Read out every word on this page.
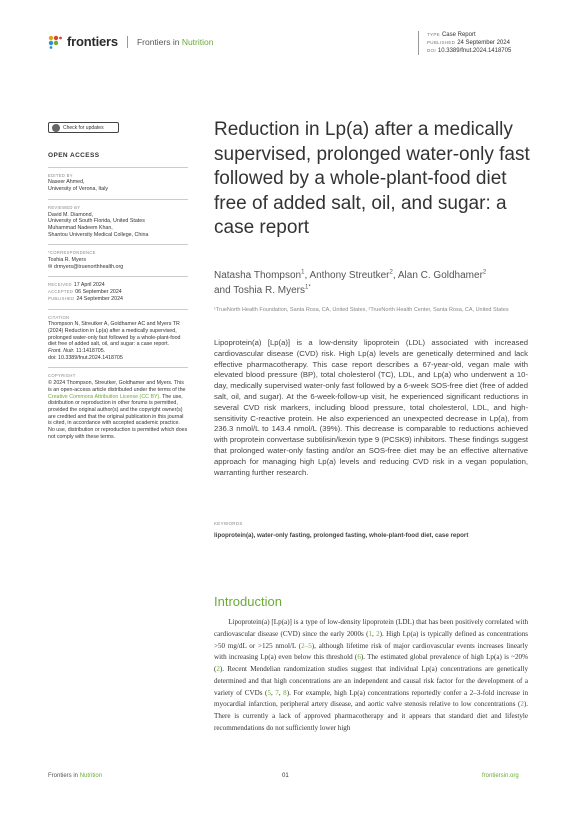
frontiers Frontiers in Nutrition
TYPE Case Report
PUBLISHED 24 September 2024
DOI 10.3389/fnut.2024.1418705
Check for updates
OPEN ACCESS
EDITED BY
Naseer Ahmed,
University of Verona, Italy
REVIEWED BY
David M. Diamond,
University of South Florida, United States
Muhammad Nadeem Khan,
Shantou University Medical College, China
*CORRESPONDENCE
Toshia R. Myers
✉ drmyers@truenorthhealth.org
RECEIVED 17 April 2024
ACCEPTED 06 September 2024
PUBLISHED 24 September 2024
CITATION
Thompson N, Streutker A, Goldhamer AC and Myers TR (2024) Reduction in Lp(a) after a medically supervised, prolonged water-only fast followed by a whole-plant-food diet free of added salt, oil, and sugar: a case report.
Front. Nutr. 11:1418705.
doi: 10.3389/fnut.2024.1418705
COPYRIGHT
© 2024 Thompson, Streutker, Goldhamer and Myers. This is an open-access article distributed under the terms of the Creative Commons Attribution License (CC BY). The use, distribution or reproduction in other forums is permitted, provided the original author(s) and the copyright owner(s) are credited and that the original publication in this journal is cited, in accordance with accepted academic practice. No use, distribution or reproduction is permitted which does not comply with these terms.
Reduction in Lp(a) after a medically supervised, prolonged water-only fast followed by a whole-plant-food diet free of added salt, oil, and sugar: a case report
Natasha Thompson$^1$, Anthony Streutker$^2$, Alan C. Goldhamer$^2$
and Toshia R. Myers$^{1*}$
¹TrueNorth Health Foundation, Santa Rosa, CA, United States, ²TrueNorth Health Center, Santa Rosa, CA, United States
Lipoprotein(a) [Lp(a)] is a low-density lipoprotein (LDL) associated with increased cardiovascular disease (CVD) risk. High Lp(a) levels are genetically determined and lack effective pharmacotherapy. This case report describes a 67-year-old, vegan male with elevated blood pressure (BP), total cholesterol (TC), LDL, and Lp(a) who underwent a 10-day, medically supervised water-only fast followed by a 6-week SOS-free diet (free of added salt, oil, and sugar). At the 6-week-follow-up visit, he experienced significant reductions in several CVD risk markers, including blood pressure, total cholesterol, LDL, and high-sensitivity C-reactive protein. He also experienced an unexpected decrease in Lp(a), from 236.3 nmol/L to 143.4 nmol/L (39%). This decrease is comparable to reductions achieved with proprotein convertase subtilisin/kexin type 9 (PCSK9) inhibitors. These findings suggest that prolonged water-only fasting and/or an SOS-free diet may be an effective alternative approach for managing high Lp(a) levels and reducing CVD risk in a vegan population, warranting further research.
KEYWORDS
lipoprotein(a), water-only fasting, prolonged fasting, whole-plant-food diet, case report
Introduction
  Lipoprotein(a) [Lp(a)] is a type of low-density lipoprotein (LDL) that has been positively correlated with cardiovascular disease (CVD) since the early 2000s (1, 2). High Lp(a) is typically defined as concentrations >50 mg/dL or >125 nmol/L (2–5), although lifetime risk of major cardiovascular events increases linearly with increasing Lp(a) even below this threshold (6). The estimated global prevalence of high Lp(a) is ~20% (2). Recent Mendelian randomization studies suggest that individual Lp(a) concentrations are genetically determined and that high concentrations are an independent and causal risk factor for the development of a variety of CVDs (5, 7, 8). For example, high Lp(a) concentrations reportedly confer a 2–3-fold increase in myocardial infarction, peripheral artery disease, and aortic valve stenosis relative to low concentrations (2). There is currently a lack of approved pharmacotherapy and it appears that standard diet and lifestyle recommendations do not sufficiently lower high
Frontiers in Nutrition	01	frontiersin.org
